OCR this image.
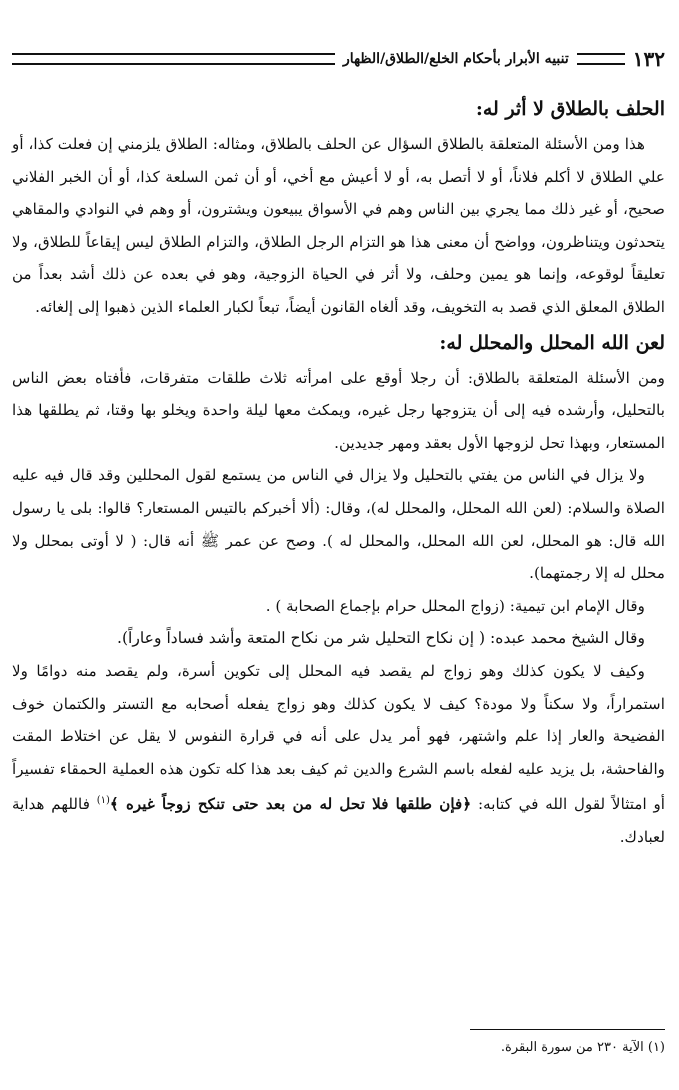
١٣٢
تنبيه الأبرار بأحكام الخلع/الطلاق/الظهار
الحلف بالطلاق لا أثر له:

هذا ومن الأسئلة المتعلقة بالطلاق السؤال عن الحلف بالطلاق، ومثاله: الطلاق يلزمني إن فعلت كذا، أو علي الطلاق لا أكلم فلاناً، أو لا أتصل به، أو لا أعيش مع أخي، أو أن ثمن السلعة كذا، أو أن الخبر الفلاني صحيح، أو غير ذلك مما يجري بين الناس وهم في الأسواق يبيعون ويشترون، أو وهم في النوادي والمقاهي يتحدثون ويتناظرون، وواضح أن معنى هذا هو التزام الرجل الطلاق، والتزام الطلاق ليس إيقاعاً للطلاق، ولا تعليقاً لوقوعه، وإنما هو يمين وحلف، ولا أثر في الحياة الزوجية، وهو في بعده عن ذلك أشد بعداً من الطلاق المعلق الذي قصد به التخويف، وقد ألغاه القانون أيضاً، تبعاً لكبار العلماء الذين ذهبوا إلى إلغائه.

لعن الله المحلل والمحلل له:

ومن الأسئلة المتعلقة بالطلاق: أن رجلا أوقع على امرأته ثلاث طلقات متفرقات، فأفتاه بعض الناس بالتحليل، وأرشده فيه إلى أن يتزوجها رجل غيره، ويمكث معها ليلة واحدة ويخلو بها وقتا، ثم يطلقها هذا المستعار، وبهذا تحل لزوجها الأول بعقد ومهر جديدين.

ولا يزال في الناس من يفتي بالتحليل ولا يزال في الناس من يستمع لقول المحللين وقد قال فيه عليه الصلاة والسلام: (لعن الله المحلل، والمحلل له)، وقال: (ألا أخبركم بالتيس المستعار؟ قالوا: بلى يا رسول الله قال: هو المحلل، لعن الله المحلل، والمحلل له ). وصح عن عمر ﷺ أنه قال: ( لا أوتى بمحلل ولا محلل له إلا رجمتهما).

وقال الإمام ابن تيمية: (زواج المحلل حرام بإجماع الصحابة ) .

وقال الشيخ محمد عبده: ( إن نكاح التحليل شر من نكاح المتعة وأشد فساداً وعاراً).

وكيف لا يكون كذلك وهو زواج لم يقصد فيه المحلل إلى تكوين أسرة، ولم يقصد منه دوامًا ولا استمراراً، ولا سكناً ولا مودة؟ كيف لا يكون كذلك وهو زواج يفعله أصحابه مع التستر والكتمان خوف الفضيحة والعار إذا علم واشتهر، فهو أمر يدل على أنه في قرارة النفوس لا يقل عن اختلاط المقت والفاحشة، بل يزيد عليه لفعله باسم الشرع والدين ثم كيف بعد هذا كله تكون هذه العملية الحمقاء تفسيراً أو امتثالاً لقول الله في كتابه: ﴿فإن طلقها فلا تحل له من بعد حتى تنكح زوجاً غيره ﴾$^{(١)}$ فاللهم هداية لعبادك.

(١) الآية ٢٣٠ من سورة البقرة.
